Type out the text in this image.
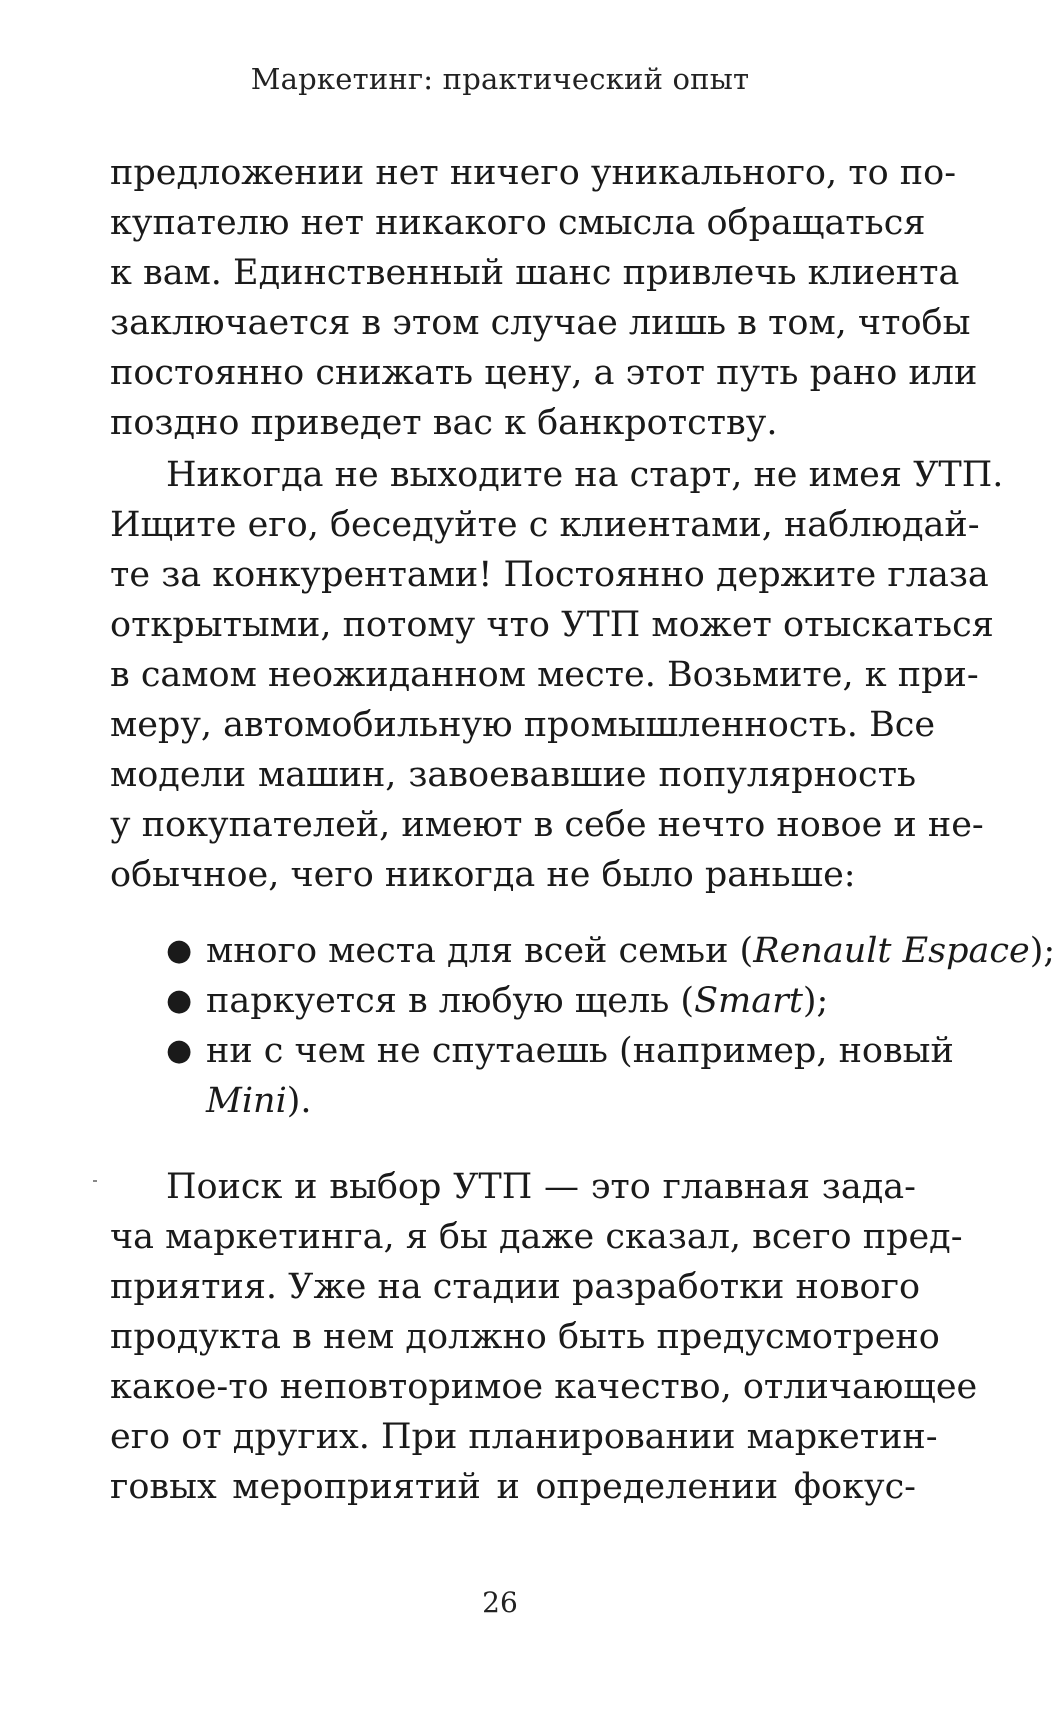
Маркетинг: практический опыт
предложении нет ничего уникального, то по-
купателю нет никакого смысла обращаться
к вам. Единственный шанс привлечь клиента
заключается в этом случае лишь в том, чтобы
постоянно снижать цену, а этот путь рано или
поздно приведет вас к банкротству.
Никогда не выходите на старт, не имея УТП.
Ищите его, беседуйте с клиентами, наблюдай-
те за конкурентами! Постоянно держите глаза
открытыми, потому что УТП может отыскаться
в самом неожиданном месте. Возьмите, к при-
меру, автомобильную промышленность. Все
модели машин, завоевавшие популярность
у покупателей, имеют в себе нечто новое и не-
обычное, чего никогда не было раньше:
● много места для всей семьи (Renault Espace);
● паркуется в любую щель (Smart);
● ни с чем не спутаешь (например, новый
Mini).
Поиск и выбор УТП — это главная зада-
ча маркетинга, я бы даже сказал, всего пред-
приятия. Уже на стадии разработки нового
продукта в нем должно быть предусмотрено
какое-то неповторимое качество, отличающее
его от других. При планировании маркетин-
говых мероприятий и определении фокус-
26
